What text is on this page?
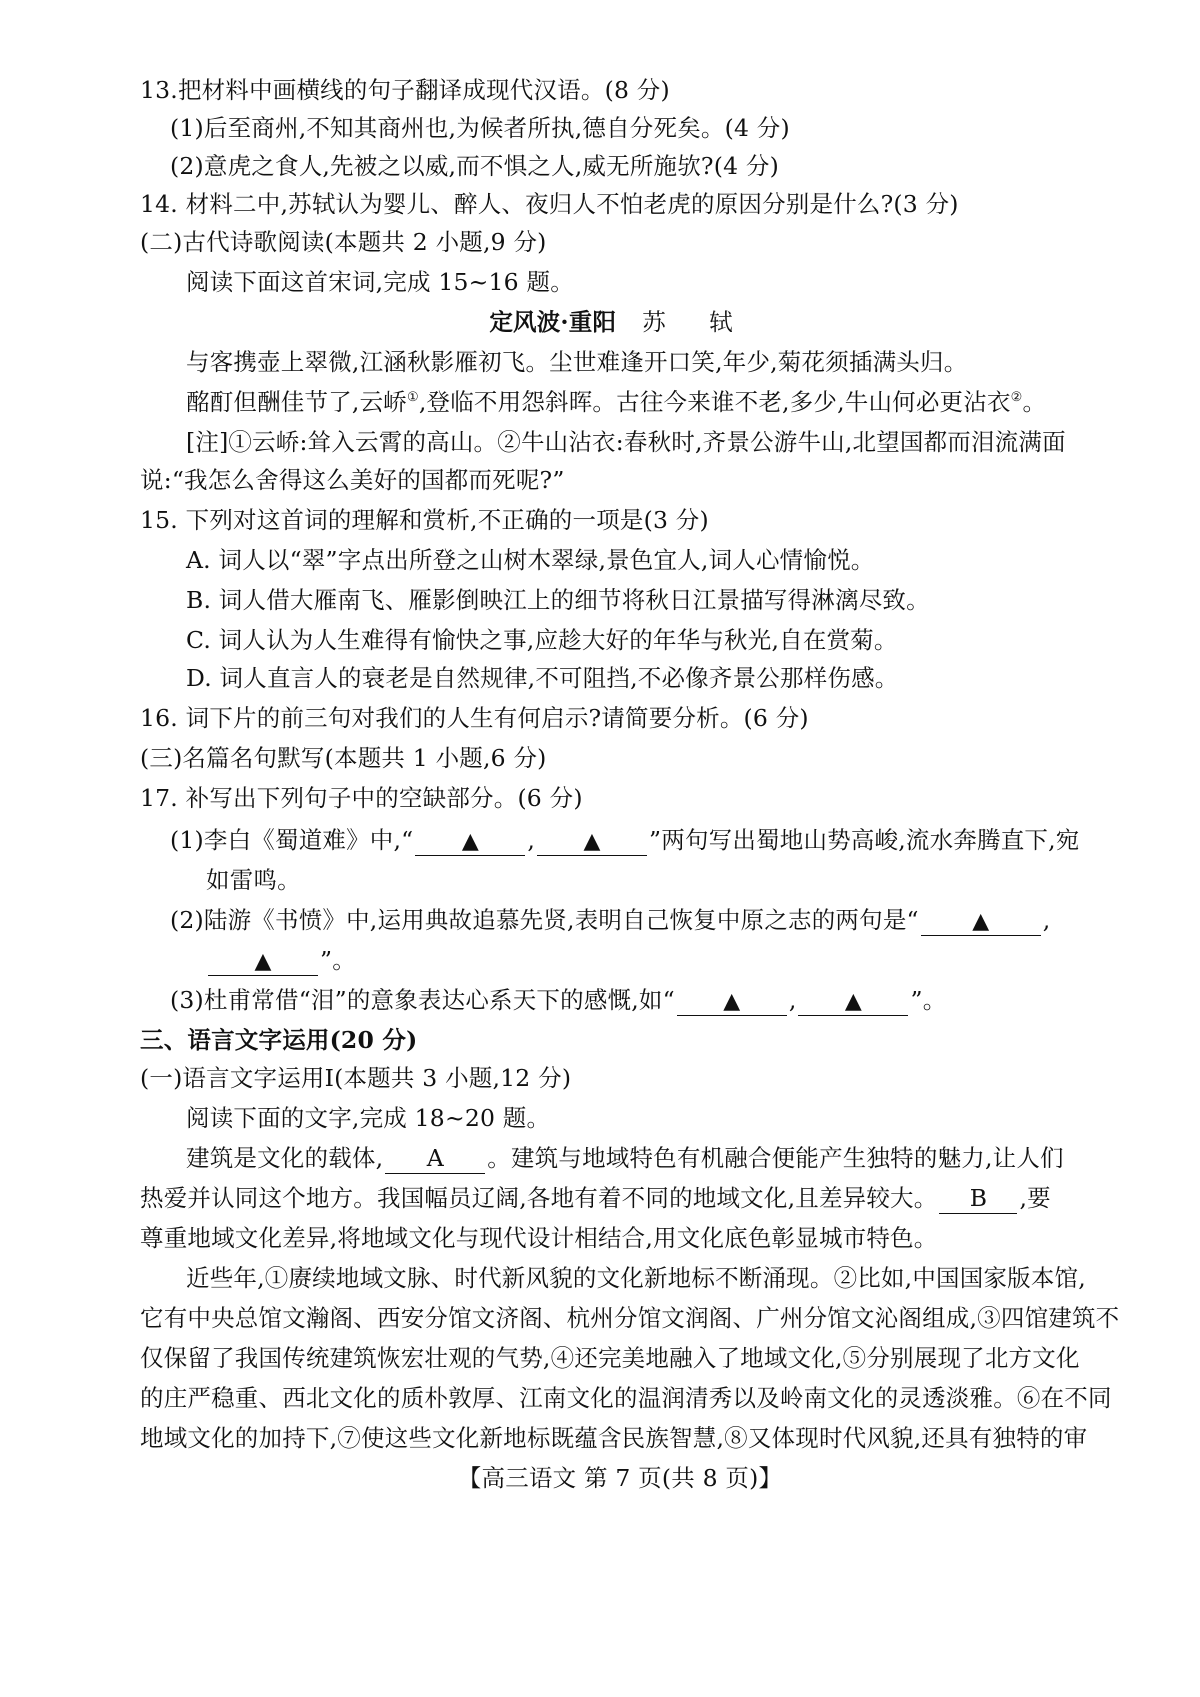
13.把材料中画横线的句子翻译成现代汉语。(8 分)
(1)后至商州,不知其商州也,为候者所执,德自分死矣。(4 分)
(2)意虎之食人,先被之以威,而不惧之人,威无所施欤?(4 分)
14. 材料二中,苏轼认为婴儿、醉人、夜归人不怕老虎的原因分别是什么?(3 分)
(二)古代诗歌阅读(本题共 2 小题,9 分)
阅读下面这首宋词,完成 15~16 题。
定风波·重阳 苏 轼
与客携壶上翠微,江涵秋影雁初飞。尘世难逢开口笑,年少,菊花须插满头归。
酩酊但酬佳节了,云峤①,登临不用怨斜晖。古往今来谁不老,多少,牛山何必更沾衣②。
[注]①云峤:耸入云霄的高山。②牛山沾衣:春秋时,齐景公游牛山,北望国都而泪流满面
说:“我怎么舍得这么美好的国都而死呢?”
15. 下列对这首词的理解和赏析,不正确的一项是(3 分)
A. 词人以“翠”字点出所登之山树木翠绿,景色宜人,词人心情愉悦。
B. 词人借大雁南飞、雁影倒映江上的细节将秋日江景描写得淋漓尽致。
C. 词人认为人生难得有愉快之事,应趁大好的年华与秋光,自在赏菊。
D. 词人直言人的衰老是自然规律,不可阻挡,不必像齐景公那样伤感。
16. 词下片的前三句对我们的人生有何启示?请简要分析。(6 分)
(三)名篇名句默写(本题共 1 小题,6 分)
17. 补写出下列句子中的空缺部分。(6 分)
(1)李白《蜀道难》中,“ ▲ , ▲ ”两句写出蜀地山势高峻,流水奔腾直下,宛
如雷鸣。
(2)陆游《书愤》中,运用典故追慕先贤,表明自己恢复中原之志的两句是“ ▲ ,
▲ ”。
(3)杜甫常借“泪”的意象表达心系天下的感慨,如“ ▲ , ▲ ”。
三、语言文字运用(20 分)
(一)语言文字运用Ⅰ(本题共 3 小题,12 分)
阅读下面的文字,完成 18~20 题。
建筑是文化的载体, A 。建筑与地域特色有机融合便能产生独特的魅力,让人们
热爱并认同这个地方。我国幅员辽阔,各地有着不同的地域文化,且差异较大。 B ,要
尊重地域文化差异,将地域文化与现代设计相结合,用文化底色彰显城市特色。
近些年,①赓续地域文脉、时代新风貌的文化新地标不断涌现。②比如,中国国家版本馆,
它有中央总馆文瀚阁、西安分馆文济阁、杭州分馆文润阁、广州分馆文沁阁组成,③四馆建筑不
仅保留了我国传统建筑恢宏壮观的气势,④还完美地融入了地域文化,⑤分别展现了北方文化
的庄严稳重、西北文化的质朴敦厚、江南文化的温润清秀以及岭南文化的灵透淡雅。⑥在不同
地域文化的加持下,⑦使这些文化新地标既蕴含民族智慧,⑧又体现时代风貌,还具有独特的审
【高三语文 第 7 页(共 8 页)】
